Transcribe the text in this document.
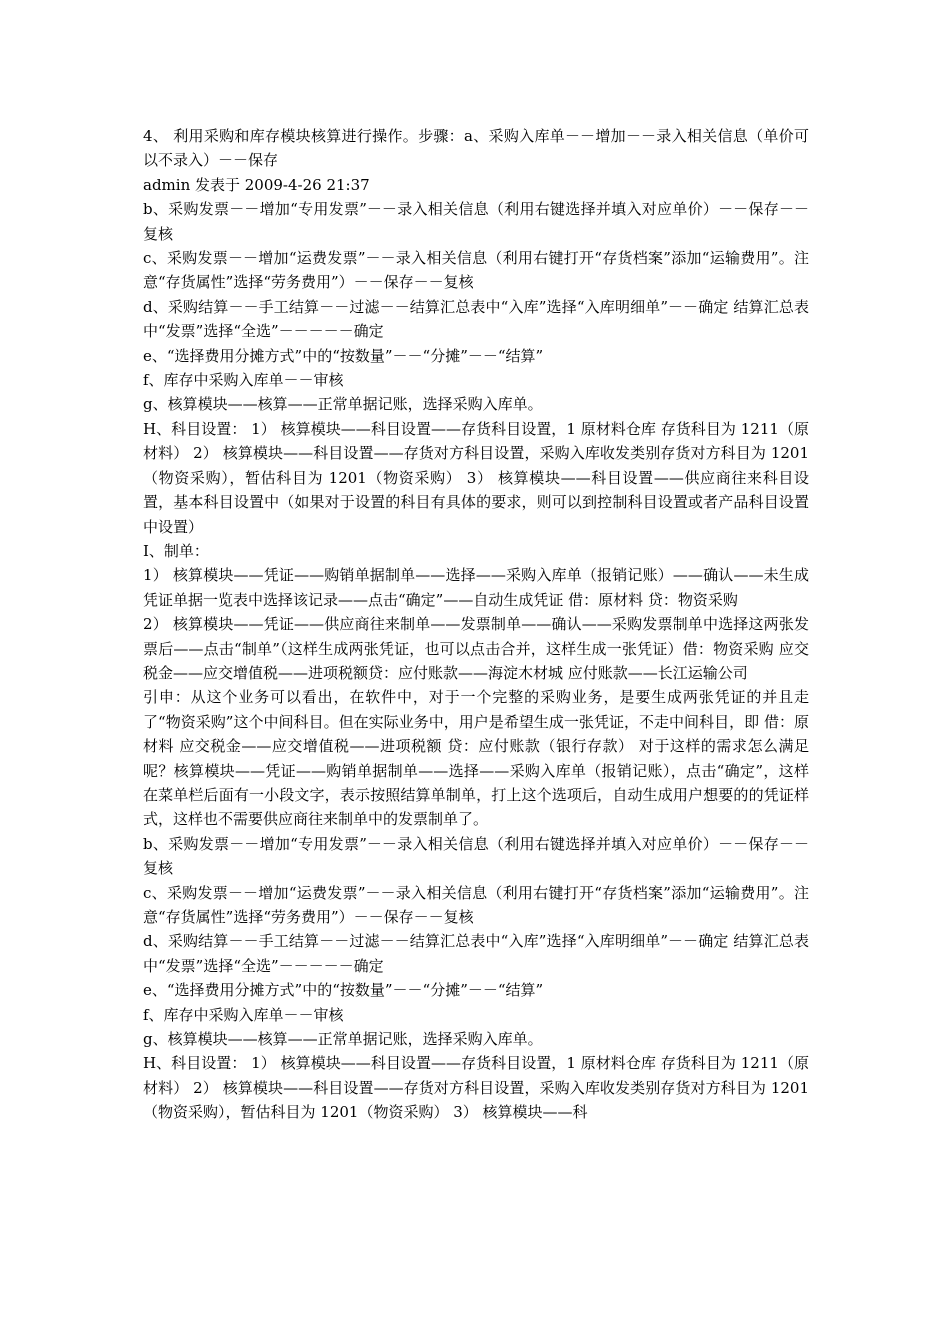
4、 利用采购和库存模块核算进行操作。步骤：a、采购入库单－－增加－－录入相关信息（单价可以不录入）－－保存

admin 发表于 2009-4-26 21:37

b、采购发票－－增加“专用发票”－－录入相关信息（利用右键选择并填入对应单价）－－保存－－复核

c、采购发票－－增加“运费发票”－－录入相关信息（利用右键打开“存货档案”添加“运输费用”。注意“存货属性”选择“劳务费用”）－－保存－－复核

d、采购结算－－手工结算－－过滤－－结算汇总表中“入库”选择“入库明细单”－－确定 结算汇总表中“发票”选择“全选”－－－－－确定

e、“选择费用分摊方式”中的“按数量”－－“分摊”－－“结算”

f、库存中采购入库单－－审核

g、核算模块——核算——正常单据记账，选择采购入库单。

H、科目设置： 1） 核算模块——科目设置——存货科目设置，1 原材料仓库 存货科目为 1211（原材料） 2） 核算模块——科目设置——存货对方科目设置，采购入库收发类别存货对方科目为 1201（物资采购），暂估科目为 1201（物资采购） 3） 核算模块——科目设置——供应商往来科目设置，基本科目设置中（如果对于设置的科目有具体的要求，则可以到控制科目设置或者产品科目设置中设置）

I、制单：

1） 核算模块——凭证——购销单据制单——选择——采购入库单（报销记账）——确认——未生成凭证单据一览表中选择该记录——点击“确定”——自动生成凭证 借：原材料 贷：物资采购

2） 核算模块——凭证——供应商往来制单——发票制单——确认——采购发票制单中选择这两张发票后——点击“制单”（这样生成两张凭证，也可以点击合并，这样生成一张凭证）借：物资采购 应交税金——应交增值税——进项税额贷：应付账款——海淀木材城 应付账款——长江运输公司

引申：从这个业务可以看出，在软件中，对于一个完整的采购业务，是要生成两张凭证的并且走了“物资采购”这个中间科目。但在实际业务中，用户是希望生成一张凭证，不走中间科目，即 借：原材料 应交税金——应交增值税——进项税额 贷：应付账款（银行存款） 对于这样的需求怎么满足呢？核算模块——凭证——购销单据制单——选择——采购入库单（报销记账），点击“确定”，这样在菜单栏后面有一小段文字，表示按照结算单制单，打上这个选项后，自动生成用户想要的的凭证样式，这样也不需要供应商往来制单中的发票制单了。

b、采购发票－－增加“专用发票”－－录入相关信息（利用右键选择并填入对应单价）－－保存－－复核

c、采购发票－－增加“运费发票”－－录入相关信息（利用右键打开“存货档案”添加“运输费用”。注意“存货属性”选择“劳务费用”）－－保存－－复核

d、采购结算－－手工结算－－过滤－－结算汇总表中“入库”选择“入库明细单”－－确定 结算汇总表中“发票”选择“全选”－－－－－确定

e、“选择费用分摊方式”中的“按数量”－－“分摊”－－“结算”

f、库存中采购入库单－－审核

g、核算模块——核算——正常单据记账，选择采购入库单。

H、科目设置： 1） 核算模块——科目设置——存货科目设置，1 原材料仓库 存货科目为 1211（原材料） 2） 核算模块——科目设置——存货对方科目设置，采购入库收发类别存货对方科目为 1201（物资采购），暂估科目为 1201（物资采购） 3） 核算模块——科
